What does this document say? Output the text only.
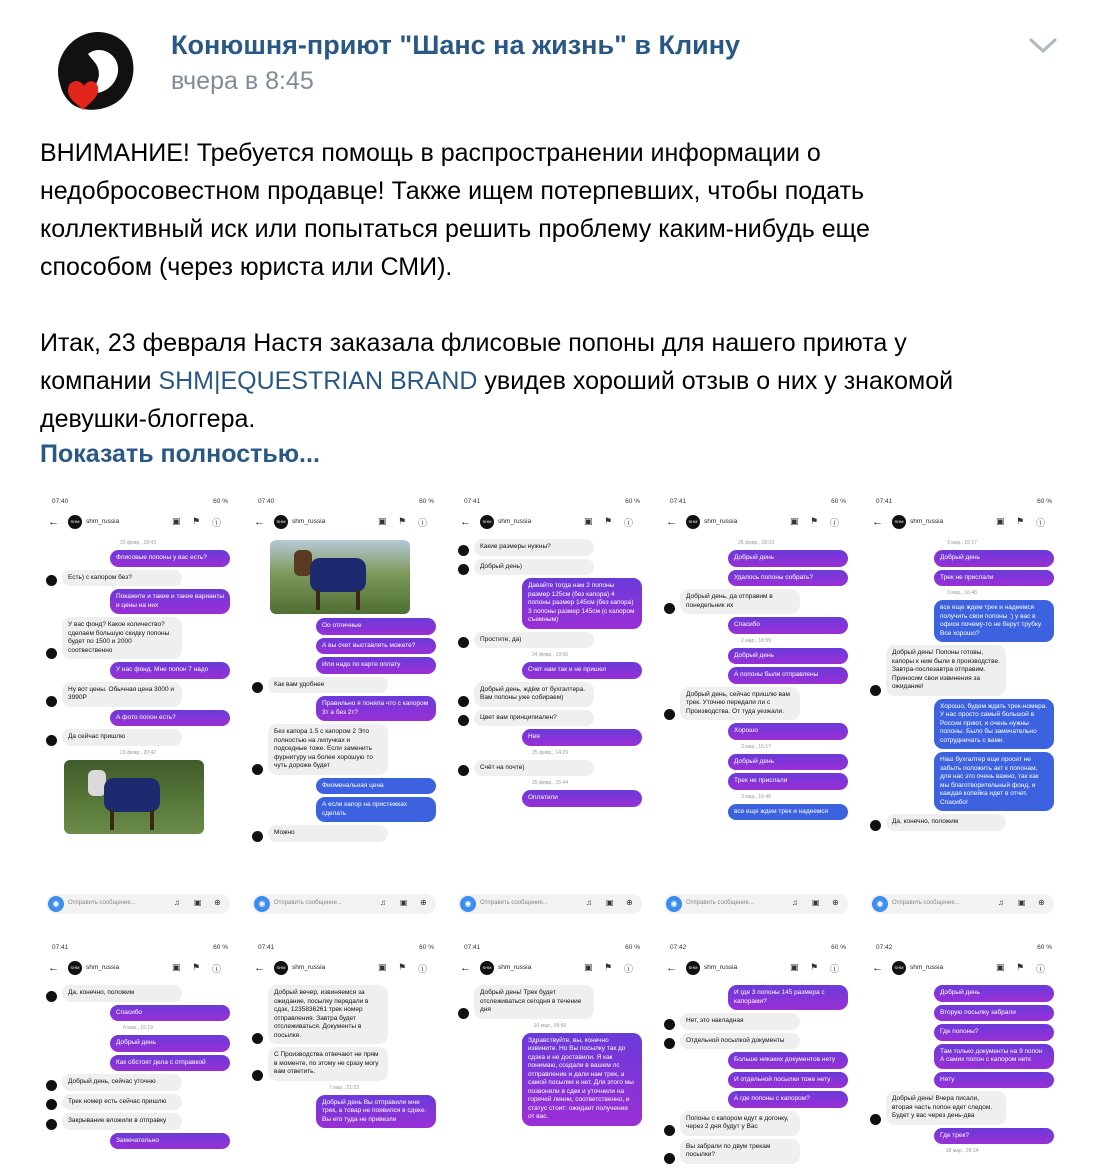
Конюшня-приют "Шанс на жизнь" в Клину
вчера в 8:45

ВНИМАНИЕ! Требуется помощь в распространении информации о

недобросовестном продавце! Также ищем потерпевших, чтобы подать

коллективный иск или попытаться решить проблему каким-нибудь еще

способом (через юриста или СМИ).

Итак, 23 февраля Настя заказала флисовые попоны для нашего приюта у

компании SHM|EQUESTRIAN BRAND увидев хороший отзыв о них у знакомой

девушки-блоггера.

Показать полностью...
07:40	60 %
←	SHM	shm_russia	▣ ⚑ ⓘ
23 февр., 18:43
Флисовые попоны у вас есть?
Есть) с капором без?
Покажите и такие и такие варианты и цены на них
У вас фонд? Какое количество? сделаем большую скидку попоны будет по 1500 и 2000 соотвественно
У нас фонд. Мне попон 7 надо
Ну вот цены. Обычная цена 3000 и 3990Р
А фото попон есть?
Да сейчас пришлю
23 февр., 20:42
◉	Отправить сообщение...	♫ ▣ ⊕
07:40	60 %
←	SHM	shm_russia	▣ ⚑ ⓘ
Оо отличные
А вы счет выставлять можете?
Или надо по карте оплату
Как вам удобнее
Правильно я поняла что с капором 3т а без 2т?
Без капора 1.5 с капором 2 Это полностью на липучках и подседные тоже. Если заменить фурнитуру на более хорошую то чуть дороже будет
Фиоменальная цена
А если капор на пристежках сделать
Можно
◉	Отправить сообщение...	♫ ▣ ⊕
07:41	60 %
←	SHM	shm_russia	▣ ⚑ ⓘ
Какие размеры нужны?
Добрый день)
Давайте тогда нам 2 попоны размер 125см (без капора) 4 попоны размер 145см (без капора) 3 попоны размер 145см (с капором съемным)
Простите, да)
24 февр., 19:56
Счет нам так и не пришел
Добрый день, ждём от бухгалтера. Вам попоны уже собираем)
Цвет вам принципиален?
Нея
25 февр., 14:29
Счёт на почте)
25 февр., 15:44
Оплатили
◉	Отправить сообщение...	♫ ▣ ⊕
07:41	60 %
←	SHM	shm_russia	▣ ⚑ ⓘ
26 февр., 18:03
Добрый день
Удалось попоны собрать?
Добрый день, да отправим в понедельник их
Спасибо
2 мар., 18:59
Добрый день
А попоны были отправлены
Добрый день, сейчас пришлю вам трек. Уточню передали ли с Производства. От туда уезжали.
Хорошо
3 мар., 15:17
Добрый день
Трек не прислали
3 мар., 16:48
все еще ждем трек и надеемся
◉	Отправить сообщение...	♫ ▣ ⊕
07:41	60 %
←	SHM	shm_russia	▣ ⚑ ⓘ
3 мар., 15:17
Добрый день
Трек не прислали
3 мар., 16:48
все еще ждем трек и надеемся получить свои попоны :) у вас в офисе почему-то не берут трубку. Все хорошо?
Добрый день! Попоны готовы, капоры к ним были в производстве. Завтра-послезавтра отправим. Приносим свои извинения за ожидание!
Хорошо, будем ждать трек-номера. У нас просто самый большой в России приют, и очень нужны попоны. Было бы замечательно сотрудничать с вами.
Наш бухгалтер еще просит не забыть положить акт к попонам, для нас это очень важно, так как мы благотворительный фонд, и каждая копейка идет в отчет. Спасибо!
Да, конечно, положим
◉	Отправить сообщение...	♫ ▣ ⊕
07:41	60 %
←	SHM	shm_russia	▣ ⚑ ⓘ
Да, конечно, положим
Спасибо
6 мар., 15:19
Добрый день
Как обстоят дела с отправкой
Добрый день, сейчас уточню
Трек номер есть сейчас пришлю
Закрывание вложили в отправку
Замечательно
07:41	60 %
←	SHM	shm_russia	▣ ⚑ ⓘ
Добрый вечер, извиняемся за ожидание, посылку передали в сдэк, 1235836261 трек номер отправления. Завтра будет отслеживаться. Документы в посылке.
С Производства отвечают не прям в моменте, по этому не сразу могу вам ответить.
7 мар., 21:23
Добрый день Вы отправили мне трек, а товар не появился в сдеке. Вы его туда не привезли
07:41	60 %
←	SHM	shm_russia	▣ ⚑ ⓘ
Добрый день! Трек будет отслеживаться сегодня в течение дня
10 мар., 09:56
Здравствуйте, вы, конечно извините. Но Вы посылку так до сдэка и не доставили. Я как понимаю, создали в вашем лс отправление и дали нам трек, а самой посылки и нет. Для этого мы позвонили в сдек и уточнили на горячей линии, соответственно, и статус стоит: ожидает получения от вас.
07:42	60 %
←	SHM	shm_russia	▣ ⚑ ⓘ
И где 3 попоны 145 размера с капорами?
Нет, это накладная
Отдельной посылкой документы
Больше никаких документов нету
И отдельной посылки тоже нету
А где попоны с капором?
Попоны с капором едут в догонку, через 2 дня будут у Вас
Вы забрали по двум трекам посылки?
07:42	60 %
←	SHM	shm_russia	▣ ⚑ ⓘ
Добрый день
Вторую посылку забрали
Где попоны?
Там только документы на 9 попон А самих попон с капором нетк
Нету
Добрый день! Вчера писали, вторая часть попон едет следом. Будет у вас через день-два
Где трек?
18 мар., 09:14
